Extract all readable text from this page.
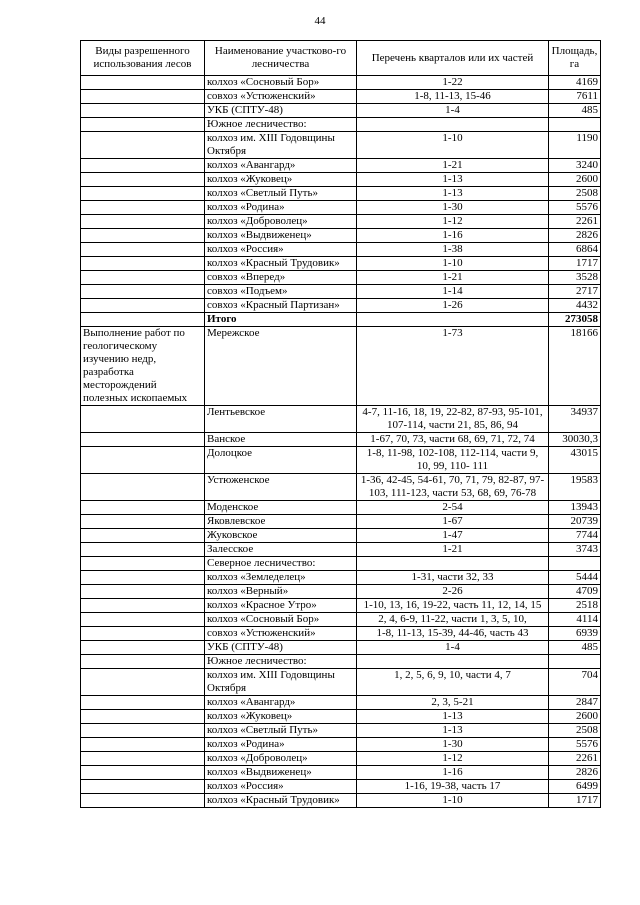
44
Виды разрешенного использования лесов	Наименование участково-го лесничества	Перечень кварталов или их частей	Площадь, га
	колхоз «Сосновый Бор»	1-22	4169
	совхоз «Устюженский»	1-8, 11-13, 15-46	7611
	УКБ (СПТУ-48)	1-4	485
	Южное лесничество:		
	колхоз им. XIII Годовщины Октября	1-10	1190
	колхоз «Авангард»	1-21	3240
	колхоз «Жуковец»	1-13	2600
	колхоз «Светлый Путь»	1-13	2508
	колхоз «Родина»	1-30	5576
	колхоз «Доброволец»	1-12	2261
	колхоз «Выдвиженец»	1-16	2826
	колхоз «Россия»	1-38	6864
	колхоз «Красный Трудовик»	1-10	1717
	совхоз «Вперед»	1-21	3528
	совхоз «Подъем»	1-14	2717
	совхоз «Красный Партизан»	1-26	4432
	Итого		273058
Выполнение работ по геологическому изучению недр, разработка месторождений полезных ископаемых	Мережское	1-73	18166
	Лентьевское	4-7, 11-16, 18, 19, 22-82, 87-93, 95-101, 107-114, части 21, 85, 86, 94	34937
	Ванское	1-67, 70, 73, части 68, 69, 71, 72, 74	30030,3
	Долоцкое	1-8, 11-98, 102-108, 112-114, части 9, 10, 99, 110- 111	43015
	Устюженское	1-36, 42-45, 54-61, 70, 71, 79, 82-87, 97-103, 111-123, части 53, 68, 69, 76-78	19583
	Моденское	2-54	13943
	Яковлевское	1-67	20739
	Жуковское	1-47	7744
	Залесское	1-21	3743
	Северное лесничество:		
	колхоз «Земледелец»	1-31, части 32, 33	5444
	колхоз «Верный»	2-26	4709
	колхоз «Красное Утро»	1-10, 13, 16, 19-22, часть 11, 12, 14, 15	2518
	колхоз «Сосновый Бор»	2, 4, 6-9, 11-22, части 1, 3, 5, 10,	4114
	совхоз «Устюженский»	1-8, 11-13, 15-39, 44-46, часть 43	6939
	УКБ (СПТУ-48)	1-4	485
	Южное лесничество:		
	колхоз им. XIII Годовщины Октября	1, 2, 5, 6, 9, 10, части 4, 7	704
	колхоз «Авангард»	2, 3, 5-21	2847
	колхоз «Жуковец»	1-13	2600
	колхоз «Светлый Путь»	1-13	2508
	колхоз «Родина»	1-30	5576
	колхоз «Доброволец»	1-12	2261
	колхоз «Выдвиженец»	1-16	2826
	колхоз «Россия»	1-16, 19-38, часть 17	6499
	колхоз «Красный Трудовик»	1-10	1717
